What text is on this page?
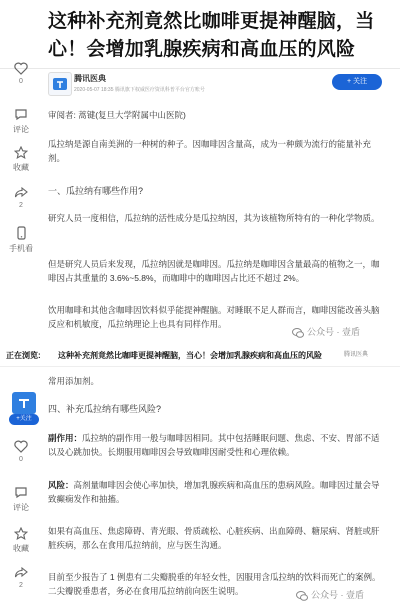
这种补充剂竟然比咖啡更提神醒脑，当心！会增加乳腺疾病和高血压的风险
腾讯医典
2020-05-07 18:35 腾讯旗下权威医疗资讯科普平台官方账号
+ 关注
0
评论
收藏
2
手机看
审阅者: 蒿键(复旦大学附属中山医院)
瓜拉纳是源自南美洲的一种树的种子。因咖啡因含量高，成为一种颇为流行的能量补充剂。
一、瓜拉纳有哪些作用?
研究人员一度相信，瓜拉纳的活性成分是瓜拉纳因，其为该植物所特有的一种化学物质。
但是研究人员后来发现，瓜拉纳因就是咖啡因。瓜拉纳是咖啡因含量最高的植物之一，咖啡因占其重量的 3.6%~5.8%，而咖啡中的咖啡因占比还不超过 2%。
饮用咖啡和其他含咖啡因饮料似乎能提神醒脑。对睡眠不足人群而言，咖啡因能改善头脑反应和机敏度，瓜拉纳理论上也具有同样作用。
公众号 · 壹盾
正在浏览: 这种补充剂竟然比咖啡更提神醒脑，当心！会增加乳腺疾病和高血压的风险	腾讯医典
+关注
0
评论
收藏
2
常用添加剂。
四、补充瓜拉纳有哪些风险?
副作用：瓜拉纳的副作用一般与咖啡因相同。其中包括睡眠问题、焦虑、不安、胃部不适以及心跳加快。长期服用咖啡因会导致咖啡因耐受性和心理依赖。
风险：高剂量咖啡因会使心率加快，增加乳腺疾病和高血压的患病风险。咖啡因过量会导致癫痫发作和抽搐。
如果有高血压、焦虑障碍、青光眼、骨质疏松、心脏疾病、出血障碍、糖尿病、肾脏或肝脏疾病，那么在食用瓜拉纳前，应与医生沟通。
目前至少报告了 1 例患有二尖瓣脱垂的年轻女性，因服用含瓜拉纳的饮料而死亡的案例。二尖瓣脱垂患者，务必在食用瓜拉纳前向医生说明。	公众号 · 壹盾
